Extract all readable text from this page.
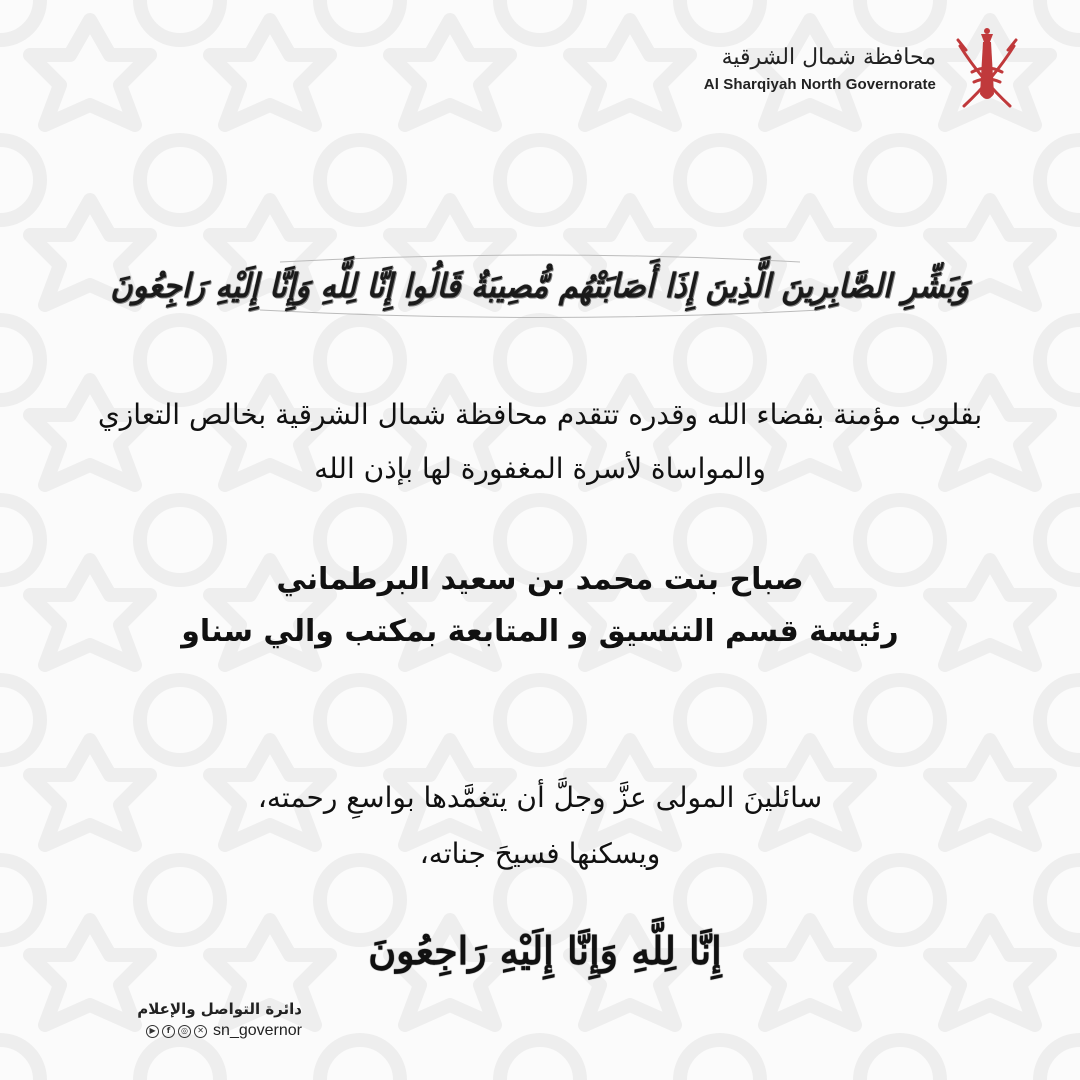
محافظة شمال الشرقية
Al Sharqiyah North Governorate
وَبَشِّرِ الصَّابِرِينَ الَّذِينَ إِذَا أَصَابَتْهُم مُّصِيبَةٌ قَالُوا إِنَّا لِلَّهِ وَإِنَّا إِلَيْهِ رَاجِعُونَ
بقلوب مؤمنة بقضاء الله وقدره تتقدم محافظة شمال الشرقية بخالص التعازي
والمواساة لأسرة المغفورة لها بإذن الله
صباح بنت محمد بن سعيد البرطماني
رئيسة قسم التنسيق و المتابعة بمكتب والي سناو
سائلينَ المولى عزَّ وجلَّ أن يتغمَّدها بواسعِ رحمته،
ويسكنها فسيحَ جناته،
إِنَّا لِلَّهِ وَإِنَّا إِلَيْهِ رَاجِعُونَ
دائرة التواصل والإعلام
▶	f	◎	✕ sn_governor
